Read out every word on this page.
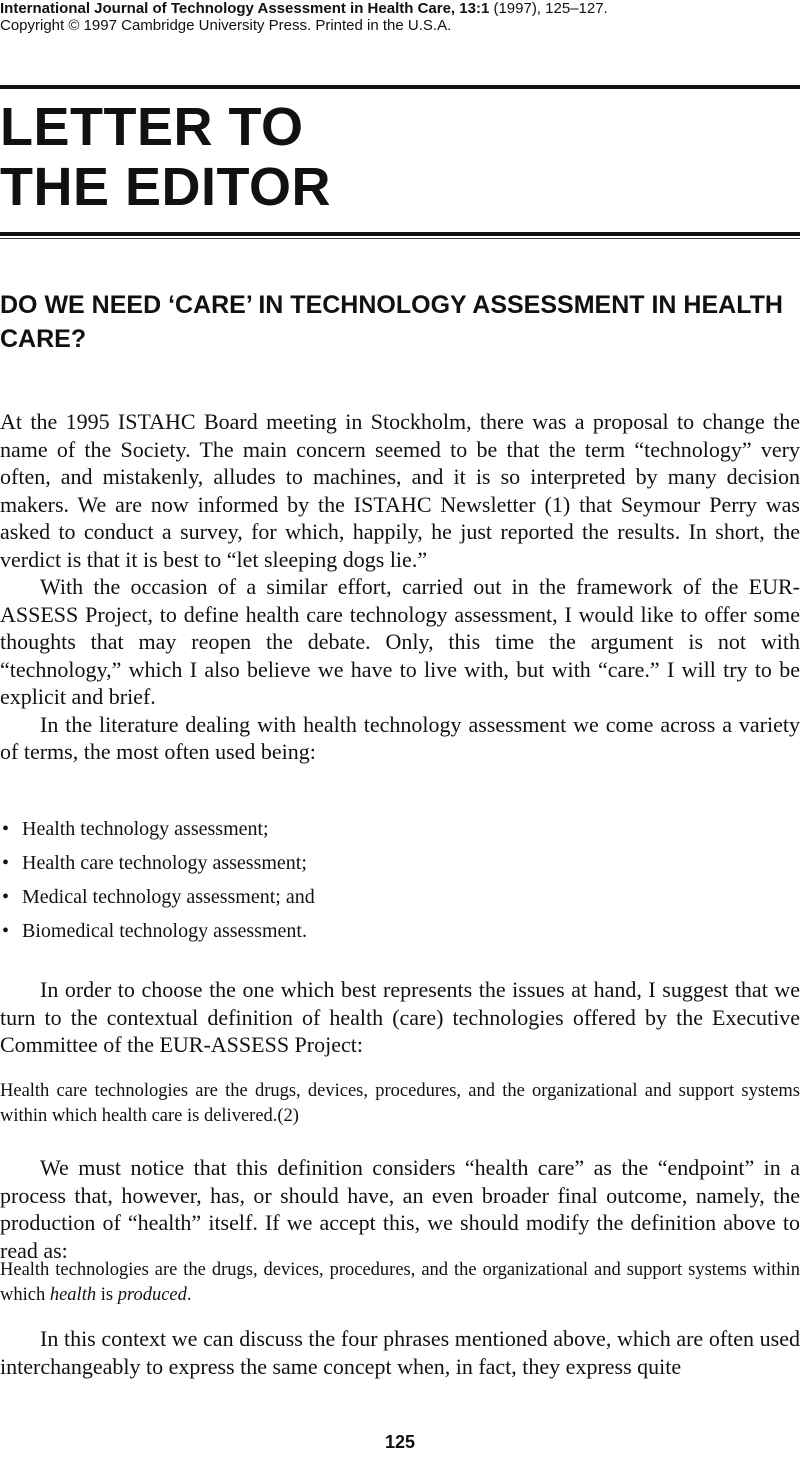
International Journal of Technology Assessment in Health Care, 13:1 (1997), 125–127.
Copyright © 1997 Cambridge University Press. Printed in the U.S.A.
LETTER TO
THE EDITOR
DO WE NEED ‘CARE’ IN TECHNOLOGY ASSESSMENT IN HEALTH CARE?

At the 1995 ISTAHC Board meeting in Stockholm, there was a proposal to change the name of the Society. The main concern seemed to be that the term “technology” very often, and mistakenly, alludes to machines, and it is so interpreted by many decision makers. We are now informed by the ISTAHC Newsletter (1) that Seymour Perry was asked to conduct a survey, for which, happily, he just reported the results. In short, the verdict is that it is best to “let sleeping dogs lie.”

With the occasion of a similar effort, carried out in the framework of the EUR-ASSESS Project, to define health care technology assessment, I would like to offer some thoughts that may reopen the debate. Only, this time the argument is not with “technology,” which I also believe we have to live with, but with “care.” I will try to be explicit and brief.

In the literature dealing with health technology assessment we come across a variety of terms, the most often used being:

• Health technology assessment;
• Health care technology assessment;
• Medical technology assessment; and
• Biomedical technology assessment.

In order to choose the one which best represents the issues at hand, I suggest that we turn to the contextual definition of health (care) technologies offered by the Executive Committee of the EUR-ASSESS Project:

Health care technologies are the drugs, devices, procedures, and the organizational and support systems within which health care is delivered.(2)

We must notice that this definition considers “health care” as the “endpoint” in a process that, however, has, or should have, an even broader final outcome, namely, the production of “health” itself. If we accept this, we should modify the definition above to read as:

Health technologies are the drugs, devices, procedures, and the organizational and support systems within which health is produced.

In this context we can discuss the four phrases mentioned above, which are often used interchangeably to express the same concept when, in fact, they express quite

125
